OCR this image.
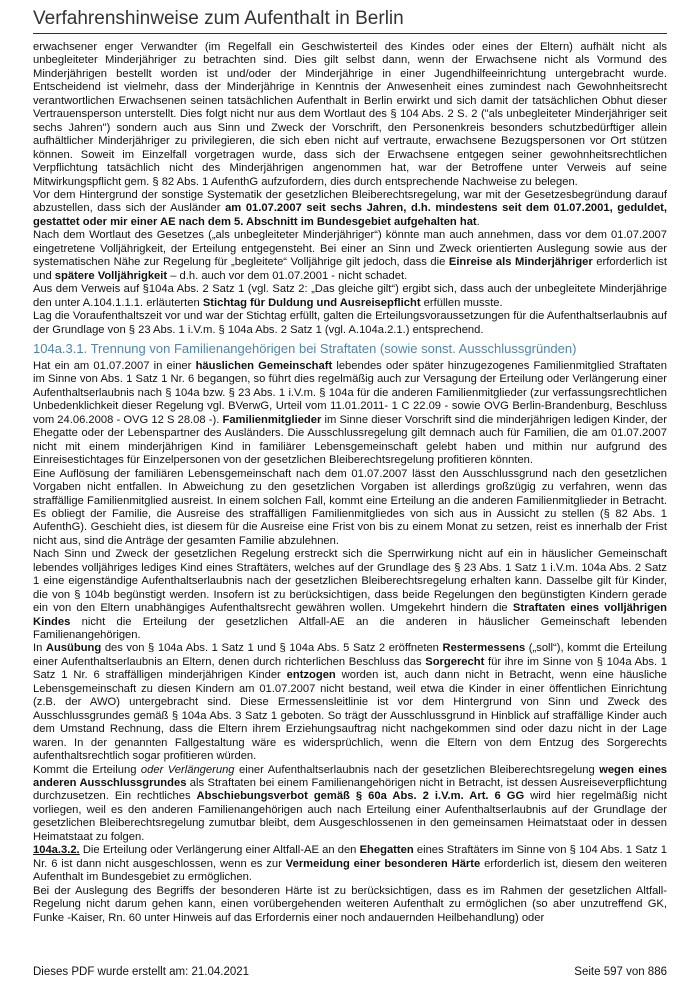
Verfahrenshinweise zum Aufenthalt in Berlin

erwachsener enger Verwandter (im Regelfall ein Geschwisterteil des Kindes oder eines der Eltern) aufhält nicht als unbegleiteter Minderjähriger zu betrachten sind. Dies gilt selbst dann, wenn der Erwachsene nicht als Vormund des Minderjährigen bestellt worden ist und/oder der Minderjährige in einer Jugendhilfeeinrichtung untergebracht wurde. Entscheidend ist vielmehr, dass der Minderjährige in Kenntnis der Anwesenheit eines zumindest nach Gewohnheitsrecht verantwortlichen Erwachsenen seinen tatsächlichen Aufenthalt in Berlin erwirkt und sich damit der tatsächlichen Obhut dieser Vertrauensperson unterstellt. Dies folgt nicht nur aus dem Wortlaut des § 104 Abs. 2 S. 2 ("als unbegleiteter Minderjähriger seit sechs Jahren") sondern auch aus Sinn und Zweck der Vorschrift, den Personenkreis besonders schutzbedürftiger allein aufhältlicher Minderjähriger zu privilegieren, die sich eben nicht auf vertraute, erwachsene Bezugspersonen vor Ort stützen können. Soweit im Einzelfall vorgetragen wurde, dass sich der Erwachsene entgegen seiner gewohnheitsrechtlichen Verpflichtung tatsächlich nicht des Minderjährigen angenommen hat, war der Betroffene unter Verweis auf seine Mitwirkungspflicht gem. § 82 Abs. 1 AufenthG aufzufordern, dies durch entsprechende Nachweise zu belegen.

Vor dem Hintergrund der sonstige Systematik der gesetzlichen Bleiberechtsregelung, war mit der Gesetzesbegründung darauf abzustellen, dass sich der Ausländer am 01.07.2007 seit sechs Jahren, d.h. mindestens seit dem 01.07.2001, geduldet, gestattet oder mir einer AE nach dem 5. Abschnitt im Bundesgebiet aufgehalten hat.

Nach dem Wortlaut des Gesetzes („als unbegleiteter Minderjähriger“) könnte man auch annehmen, dass vor dem 01.07.2007 eingetretene Volljährigkeit, der Erteilung entgegensteht. Bei einer an Sinn und Zweck orientierten Auslegung sowie aus der systematischen Nähe zur Regelung für „begleitete“ Volljährige gilt jedoch, dass die Einreise als Minderjähriger erforderlich ist und spätere Volljährigkeit – d.h. auch vor dem 01.07.2001 - nicht schadet.

Aus dem Verweis auf §104a Abs. 2 Satz 1 (vgl. Satz 2: „Das gleiche gilt“) ergibt sich, dass auch der unbegleitete Minderjährige den unter A.104.1.1.1. erläuterten Stichtag für Duldung und Ausreisepflicht erfüllen musste.

Lag die Voraufenthaltszeit vor und war der Stichtag erfüllt, galten die Erteilungsvoraussetzungen für die Aufenthaltserlaubnis auf der Grundlage von § 23 Abs. 1 i.V.m. § 104a Abs. 2 Satz 1 (vgl. A.104a.2.1.) entsprechend.

104a.3.1. Trennung von Familienangehörigen bei Straftaten (sowie sonst. Ausschlussgründen)

Hat ein am 01.07.2007 in einer häuslichen Gemeinschaft lebendes oder später hinzugezogenes Familienmitglied Straftaten im Sinne von Abs. 1 Satz 1 Nr. 6 begangen, so führt dies regelmäßig auch zur Versagung der Erteilung oder Verlängerung einer Aufenthaltserlaubnis nach § 104a bzw. § 23 Abs. 1 i.V.m. § 104a für die anderen Familienmitglieder (zur verfassungsrechtlichen Unbedenklichkeit dieser Regelung vgl. BVerwG, Urteil vom 11.01.2011- 1 C 22.09 - sowie OVG Berlin-Brandenburg, Beschluss vom 24.06.2008 - OVG 12 S 28.08 -). Familienmitglieder im Sinne dieser Vorschrift sind die minderjährigen ledigen Kinder, der Ehegatte oder der Lebenspartner des Ausländers. Die Ausschlussregelung gilt demnach auch für Familien, die am 01.07.2007 nicht mit einem minderjährigen Kind in familiärer Lebensgemeinschaft gelebt haben und mithin nur aufgrund des Einreisestichtages für Einzelpersonen von der gesetzlichen Bleiberechtsregelung profitieren könnten.

Eine Auflösung der familiären Lebensgemeinschaft nach dem 01.07.2007 lässt den Ausschlussgrund nach den gesetzlichen Vorgaben nicht entfallen. In Abweichung zu den gesetzlichen Vorgaben ist allerdings großzügig zu verfahren, wenn das straffällige Familienmitglied ausreist. In einem solchen Fall, kommt eine Erteilung an die anderen Familienmitglieder in Betracht. Es obliegt der Familie, die Ausreise des straffälligen Familienmitgliedes von sich aus in Aussicht zu stellen (§ 82 Abs. 1 AufenthG). Geschieht dies, ist diesem für die Ausreise eine Frist von bis zu einem Monat zu setzen, reist es innerhalb der Frist nicht aus, sind die Anträge der gesamten Familie abzulehnen.

Nach Sinn und Zweck der gesetzlichen Regelung erstreckt sich die Sperrwirkung nicht auf ein in häuslicher Gemeinschaft lebendes volljähriges lediges Kind eines Straftäters, welches auf der Grundlage des § 23 Abs. 1 Satz 1 i.V.m. 104a Abs. 2 Satz 1 eine eigenständige Aufenthaltserlaubnis nach der gesetzlichen Bleiberechtsregelung erhalten kann. Dasselbe gilt für Kinder, die von § 104b begünstigt werden. Insofern ist zu berücksichtigen, dass beide Regelungen den begünstigten Kindern gerade ein von den Eltern unabhängiges Aufenthaltsrecht gewähren wollen. Umgekehrt hindern die Straftaten eines volljährigen Kindes nicht die Erteilung der gesetzlichen Altfall-AE an die anderen in häuslicher Gemeinschaft lebenden Familienangehörigen.

In Ausübung des von § 104a Abs. 1 Satz 1 und § 104a Abs. 5 Satz 2 eröffneten Restermessens („soll“), kommt die Erteilung einer Aufenthaltserlaubnis an Eltern, denen durch richterlichen Beschluss das Sorgerecht für ihre im Sinne von § 104a Abs. 1 Satz 1 Nr. 6 straffälligen minderjährigen Kinder entzogen worden ist, auch dann nicht in Betracht, wenn eine häusliche Lebensgemeinschaft zu diesen Kindern am 01.07.2007 nicht bestand, weil etwa die Kinder in einer öffentlichen Einrichtung (z.B. der AWO) untergebracht sind. Diese Ermessensleitlinie ist vor dem Hintergrund von Sinn und Zweck des Ausschlussgrundes gemäß § 104a Abs. 3 Satz 1 geboten. So trägt der Ausschlussgrund in Hinblick auf straffällige Kinder auch dem Umstand Rechnung, dass die Eltern ihrem Erziehungsauftrag nicht nachgekommen sind oder dazu nicht in der Lage waren. In der genannten Fallgestaltung wäre es widersprüchlich, wenn die Eltern von dem Entzug des Sorgerechts aufenthaltsrechtlich sogar profitieren würden.

Kommt die Erteilung oder Verlängerung einer Aufenthaltserlaubnis nach der gesetzlichen Bleiberechtsregelung wegen eines anderen Ausschlussgrundes als Straftaten bei einem Familienangehörigen nicht in Betracht, ist dessen Ausreiseverpflichtung durchzusetzen. Ein rechtliches Abschiebungsverbot gemäß § 60a Abs. 2 i.V.m. Art. 6 GG wird hier regelmäßig nicht vorliegen, weil es den anderen Familienangehörigen auch nach Erteilung einer Aufenthaltserlaubnis auf der Grundlage der gesetzlichen Bleiberechtsregelung zumutbar bleibt, dem Ausgeschlossenen in den gemeinsamen Heimatstaat oder in dessen Heimatstaat zu folgen.

104a.3.2. Die Erteilung oder Verlängerung einer Altfall-AE an den Ehegatten eines Straftäters im Sinne von § 104 Abs. 1 Satz 1 Nr. 6 ist dann nicht ausgeschlossen, wenn es zur Vermeidung einer besonderen Härte erforderlich ist, diesem den weiteren Aufenthalt im Bundesgebiet zu ermöglichen.

Bei der Auslegung des Begriffs der besonderen Härte ist zu berücksichtigen, dass es im Rahmen der gesetzlichen Altfall-Regelung nicht darum gehen kann, einen vorübergehenden weiteren Aufenthalt zu ermöglichen (so aber unzutreffend GK, Funke -Kaiser, Rn. 60 unter Hinweis auf das Erfordernis einer noch andauernden Heilbehandlung) oder

Dieses PDF wurde erstellt am: 21.04.2021	Seite 597 von 886
